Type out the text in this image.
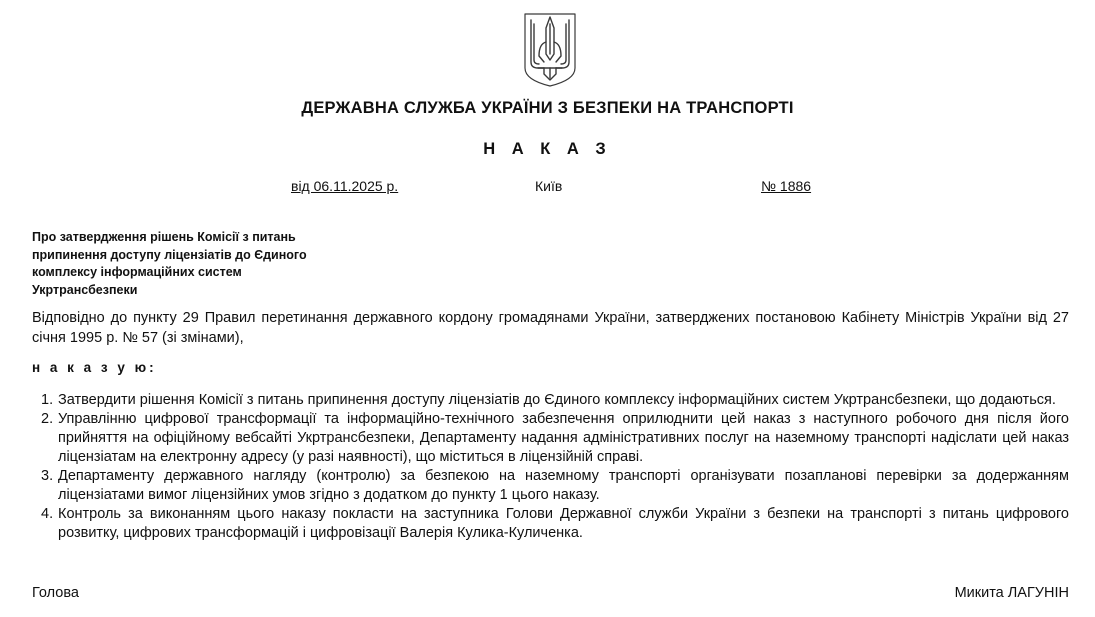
ДЕРЖАВНА СЛУЖБА УКРАЇНИ З БЕЗПЕКИ НА ТРАНСПОРТІ
Н А К А З
від 06.11.2025 р.	Київ	№ 1886
Про затвердження рішень Комісії з питань
припинення доступу ліцензіатів до Єдиного
комплексу інформаційних систем
Укртрансбезпеки
Відповідно до пункту 29 Правил перетинання державного кордону громадянами України, затверджених постановою Кабінету Міністрів України від 27 січня 1995 р. № 57 (зі змінами),
н а к а з у ю:
1. Затвердити рішення Комісії з питань припинення доступу ліцензіатів до Єдиного комплексу інформаційних систем Укртрансбезпеки, що додаються.
2. Управлінню цифрової трансформації та інформаційно-технічного забезпечення оприлюднити цей наказ з наступного робочого дня після його прийняття на офіційному вебсайті Укртрансбезпеки, Департаменту надання адміністративних послуг на наземному транспорті надіслати цей наказ ліцензіатам на електронну адресу (у разі наявності), що міститься в ліцензійній справі.
3. Департаменту державного нагляду (контролю) за безпекою на наземному транспорті організувати позапланові перевірки за додержанням ліцензіатами вимог ліцензійних умов згідно з додатком до пункту 1 цього наказу.
4. Контроль за виконанням цього наказу покласти на заступника Голови Державної служби України з безпеки на транспорті з питань цифрового розвитку, цифрових трансформацій і цифровізації Валерія Кулика-Куличенка.
Голова	Микита ЛАГУНІН
